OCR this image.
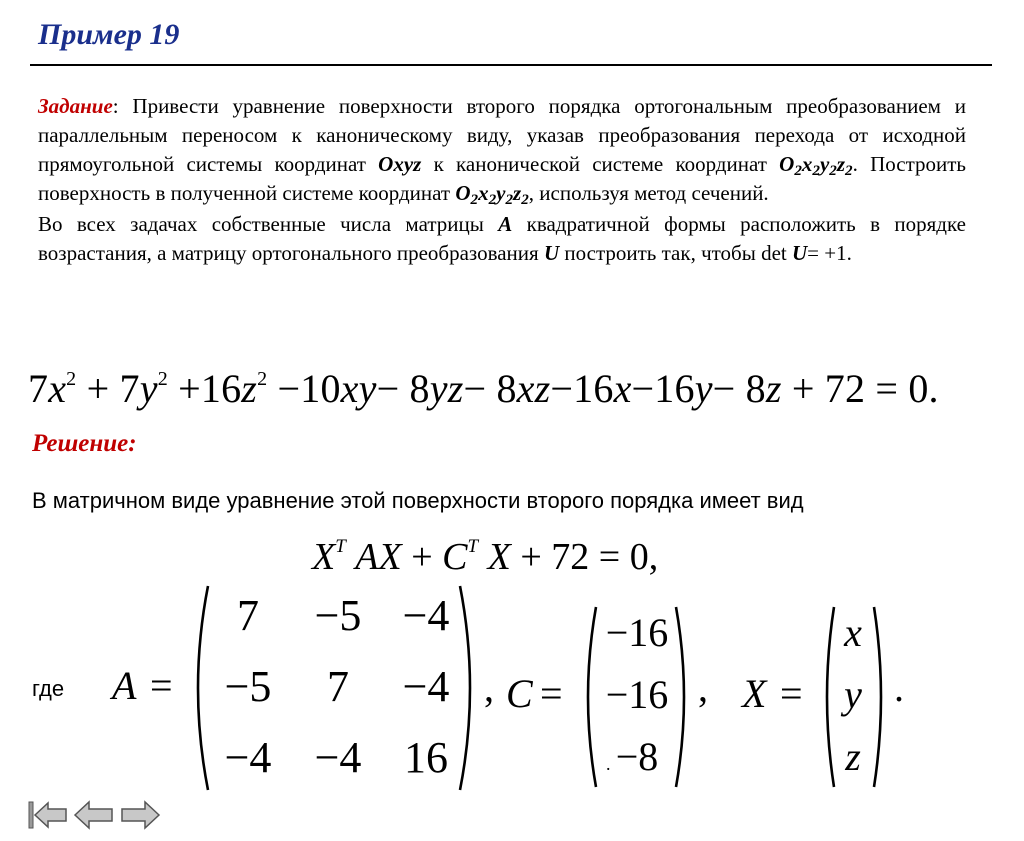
Пример 19

Задание: Привести уравнение поверхности второго порядка ортогональным преобразованием и параллельным переносом к каноническому виду, указав преобразования перехода от исходной прямоугольной системы координат Oxyz к канонической системе координат $O_2x_2y_2z_2$. Построить поверхность в полученной системе координат $O_2x_2y_2z_2$, используя метод сечений.

Во всех задачах собственные числа матрицы A квадратичной формы расположить в порядке возрастания, а матрицу ортогонального преобразования U построить так, чтобы det U= +1.

$7x^2 + 7y^2 +16z^2 -10xy- 8yz- 8xz-16x-16y- 8z + 72 = 0$.
Решение:
В матричном виде уравнение этой поверхности второго порядка имеет вид
$X^T$ AX + $C^T$ X + 72 = 0,
где A =
7	−5 −4
−5	7	−4
−4 −4 16
, C =
−16
−16
−8
.
, X =
x
y
z
.
